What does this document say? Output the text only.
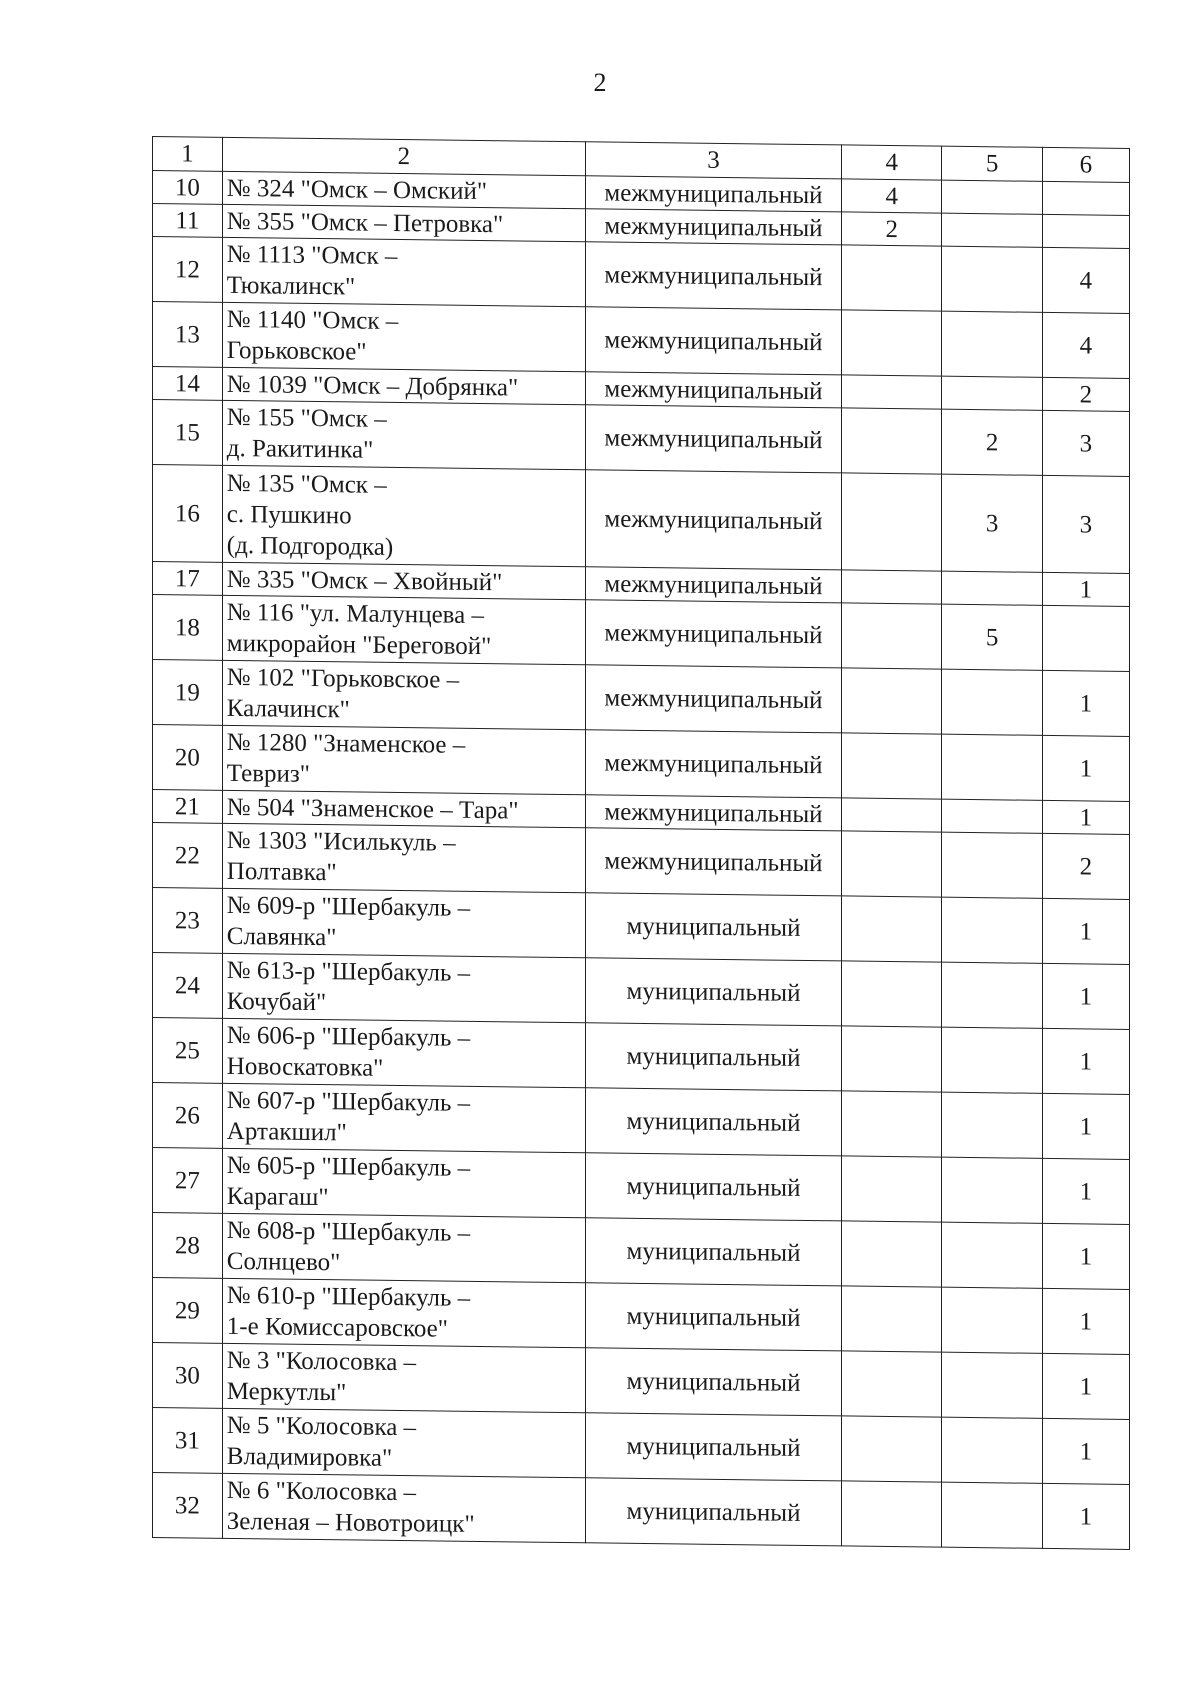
2
1	2	3	4	5	6
10	№ 324 "Омск – Омский"	межмуниципальный	4		
11	№ 355 "Омск – Петровка"	межмуниципальный	2		
12	№ 1113 "Омск –
Тюкалинск"	межмуниципальный			4
13	№ 1140 "Омск –
Горьковское"	межмуниципальный			4
14	№ 1039 "Омск – Добрянка"	межмуниципальный			2
15	№ 155 "Омск –
д. Ракитинка"	межмуниципальный		2	3
16	№ 135 "Омск –
с. Пушкино
(д. Подгородка)	межмуниципальный		3	3
17	№ 335 "Омск – Хвойный"	межмуниципальный			1
18	№ 116 "ул. Малунцева –
микрорайон "Береговой"	межмуниципальный		5	
19	№ 102 "Горьковское –
Калачинск"	межмуниципальный			1
20	№ 1280 "Знаменское –
Тевриз"	межмуниципальный			1
21	№ 504 "Знаменское – Тара"	межмуниципальный			1
22	№ 1303 "Исилькуль –
Полтавка"	межмуниципальный			2
23	№ 609-р "Шербакуль –
Славянка"	муниципальный			1
24	№ 613-р "Шербакуль –
Кочубай"	муниципальный			1
25	№ 606-р "Шербакуль –
Новоскатовка"	муниципальный			1
26	№ 607-р "Шербакуль –
Артакшил"	муниципальный			1
27	№ 605-р "Шербакуль –
Карагаш"	муниципальный			1
28	№ 608-р "Шербакуль –
Солнцево"	муниципальный			1
29	№ 610-р "Шербакуль –
1-е Комиссаровское"	муниципальный			1
30	№ 3 "Колосовка –
Меркутлы"	муниципальный			1
31	№ 5 "Колосовка –
Владимировка"	муниципальный			1
32	№ 6 "Колосовка –
Зеленая – Новотроицк"	муниципальный			1
